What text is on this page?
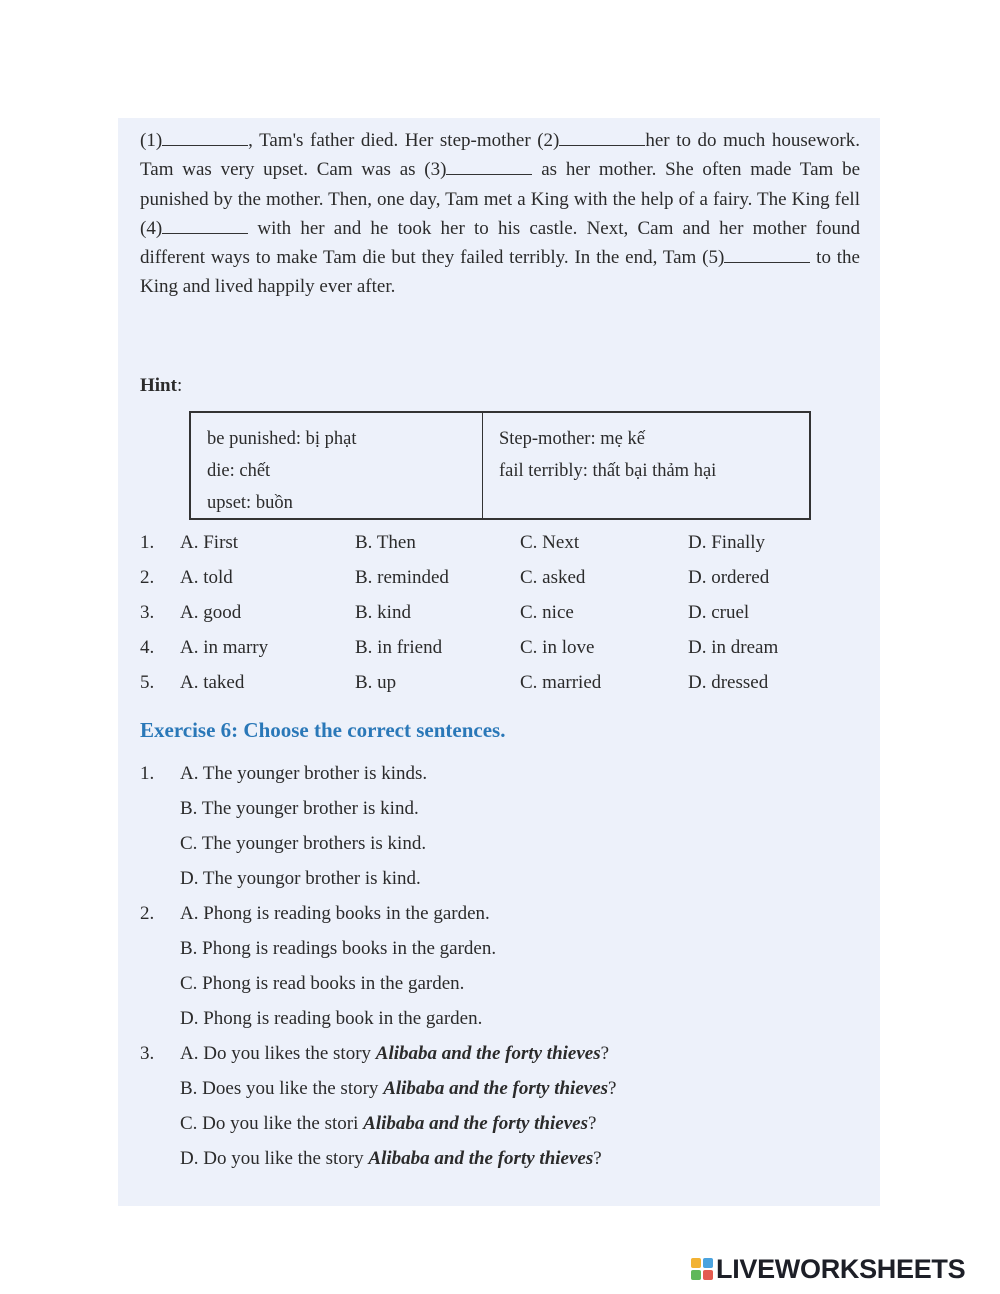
(1)	, Tam's father died. Her step-mother (2)	her to do much housework. Tam was very upset. Cam was as (3)	as her mother. She often made Tam be punished by the mother. Then, one day, Tam met a King with the help of a fairy. The King fell (4)	with her and he took her to his castle. Next, Cam and her mother found different ways to make Tam die but they failed terribly. In the end, Tam (5)	to the King and lived happily ever after.
Hint:
be punished: bị phạt
die: chết
upset: buồn
Step-mother: mẹ kế
fail terribly: thất bại thảm hại
1. A. First	B. Then	C. Next	D. Finally
2. A. told	B. reminded	C. asked	D. ordered
3. A. good	B. kind	C. nice	D. cruel
4. A. in marry	B. in friend	C. in love	D. in dream
5. A. taked	B. up	C. married	D. dressed
Exercise 6: Choose the correct sentences.
1. A. The younger brother is kinds.
B. The younger brother is kind.
C. The younger brothers is kind.
D. The youngor brother is kind.
2. A. Phong is reading books in the garden.
B. Phong is readings books in the garden.
C. Phong is read books in the garden.
D. Phong is reading book in the garden.
3. A. Do you likes the story Alibaba and the forty thieves?
B. Does you like the story Alibaba and the forty thieves?
C. Do you like the stori Alibaba and the forty thieves?
D. Do you like the story Alibaba and the forty thieves?
LIVEWORKSHEETS
